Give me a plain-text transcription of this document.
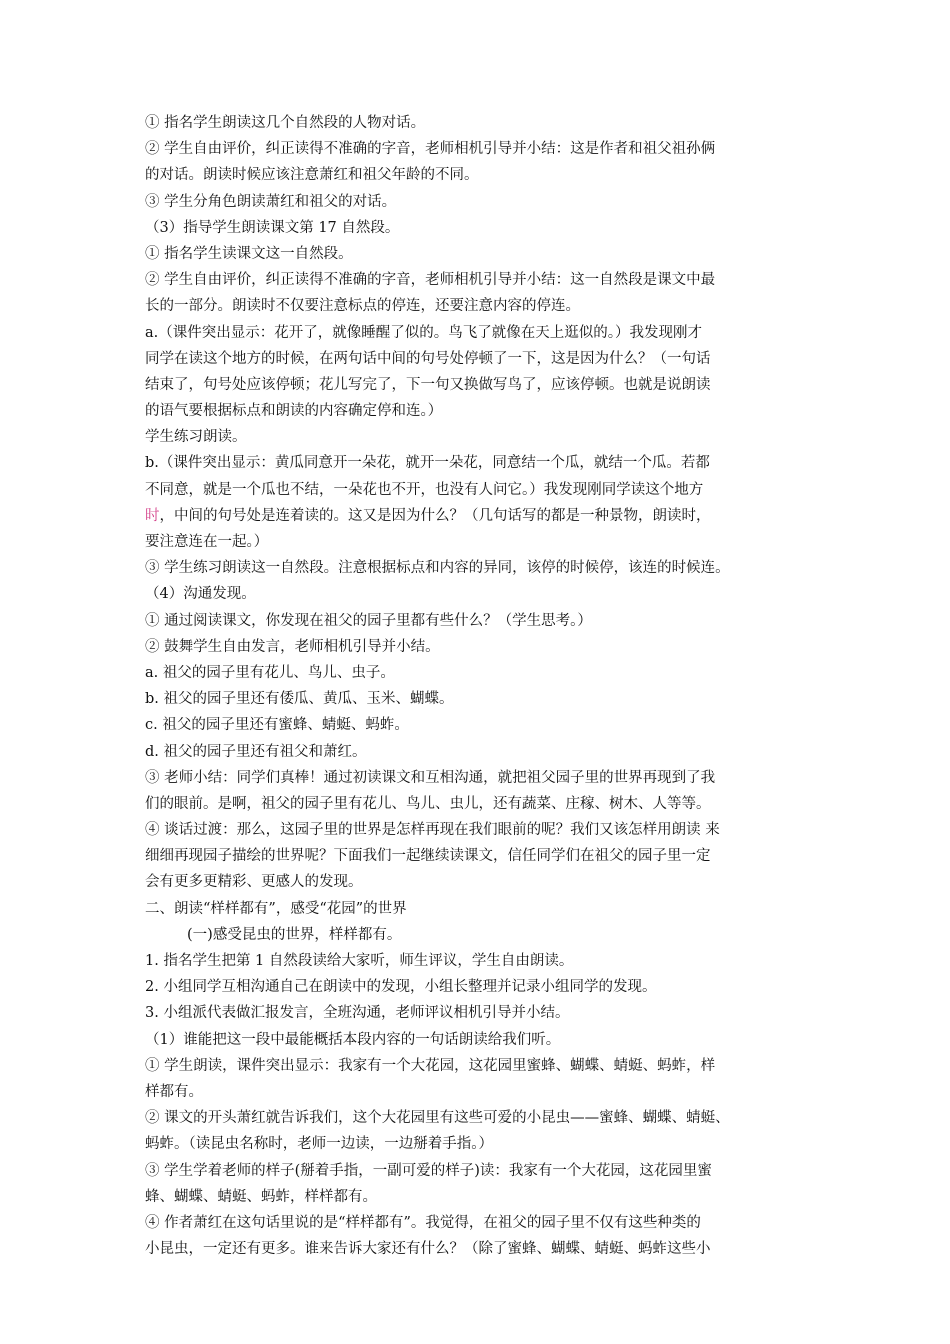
① 指名学生朗读这几个自然段的人物对话。
② 学生自由评价，纠正读得不准确的字音，老师相机引导并小结：这是作者和祖父祖孙俩
的对话。朗读时候应该注意萧红和祖父年龄的不同。
③ 学生分角色朗读萧红和祖父的对话。
（3）指导学生朗读课文第 17 自然段。
① 指名学生读课文这一自然段。
② 学生自由评价，纠正读得不准确的字音，老师相机引导并小结：这一自然段是课文中最
长的一部分。朗读时不仅要注意标点的停连，还要注意内容的停连。
a.（课件突出显示：花开了，就像睡醒了似的。鸟飞了就像在天上逛似的。）我发现刚才
同学在读这个地方的时候，在两句话中间的句号处停顿了一下，这是因为什么？（一句话
结束了，句号处应该停顿；花儿写完了，下一句又换做写鸟了，应该停顿。也就是说朗读
的语气要根据标点和朗读的内容确定停和连。）
学生练习朗读。
b.（课件突出显示：黄瓜同意开一朵花，就开一朵花，同意结一个瓜，就结一个瓜。若都
不同意，就是一个瓜也不结，一朵花也不开，也没有人问它。）我发现刚同学读这个地方
时，中间的句号处是连着读的。这又是因为什么？（几句话写的都是一种景物，朗读时，
要注意连在一起。）
③ 学生练习朗读这一自然段。注意根据标点和内容的异同，该停的时候停，该连的时候连。
（4）沟通发现。
① 通过阅读课文，你发现在祖父的园子里都有些什么？（学生思考。）
② 鼓舞学生自由发言，老师相机引导并小结。
a. 祖父的园子里有花儿、鸟儿、虫子。
b. 祖父的园子里还有倭瓜、黄瓜、玉米、蝴蝶。
c. 祖父的园子里还有蜜蜂、蜻蜓、蚂蚱。
d. 祖父的园子里还有祖父和萧红。
③ 老师小结：同学们真棒！通过初读课文和互相沟通，就把祖父园子里的世界再现到了我
们的眼前。是啊，祖父的园子里有花儿、鸟儿、虫儿，还有蔬菜、庄稼、树木、人等等。
④ 谈话过渡：那么，这园子里的世界是怎样再现在我们眼前的呢？我们又该怎样用朗读 来
细细再现园子描绘的世界呢？下面我们一起继续读课文，信任同学们在祖父的园子里一定
会有更多更精彩、更感人的发现。
二、朗读“样样都有”，感受“花园”的世界
(一)感受昆虫的世界，样样都有。
1. 指名学生把第 1 自然段读给大家听，师生评议，学生自由朗读。
2. 小组同学互相沟通自己在朗读中的发现，小组长整理并记录小组同学的发现。
3. 小组派代表做汇报发言，全班沟通，老师评议相机引导并小结。
（1）谁能把这一段中最能概括本段内容的一句话朗读给我们听。
① 学生朗读，课件突出显示：我家有一个大花园，这花园里蜜蜂、蝴蝶、蜻蜓、蚂蚱，样
样都有。
② 课文的开头萧红就告诉我们，这个大花园里有这些可爱的小昆虫——蜜蜂、蝴蝶、蜻蜓、
蚂蚱。（读昆虫名称时，老师一边读，一边掰着手指。）
③ 学生学着老师的样子(掰着手指，一副可爱的样子)读：我家有一个大花园，这花园里蜜
蜂、蝴蝶、蜻蜓、蚂蚱，样样都有。
④ 作者萧红在这句话里说的是“样样都有”。我觉得，在祖父的园子里不仅有这些种类的
小昆虫，一定还有更多。谁来告诉大家还有什么？（除了蜜蜂、蝴蝶、蜻蜓、蚂蚱这些小
